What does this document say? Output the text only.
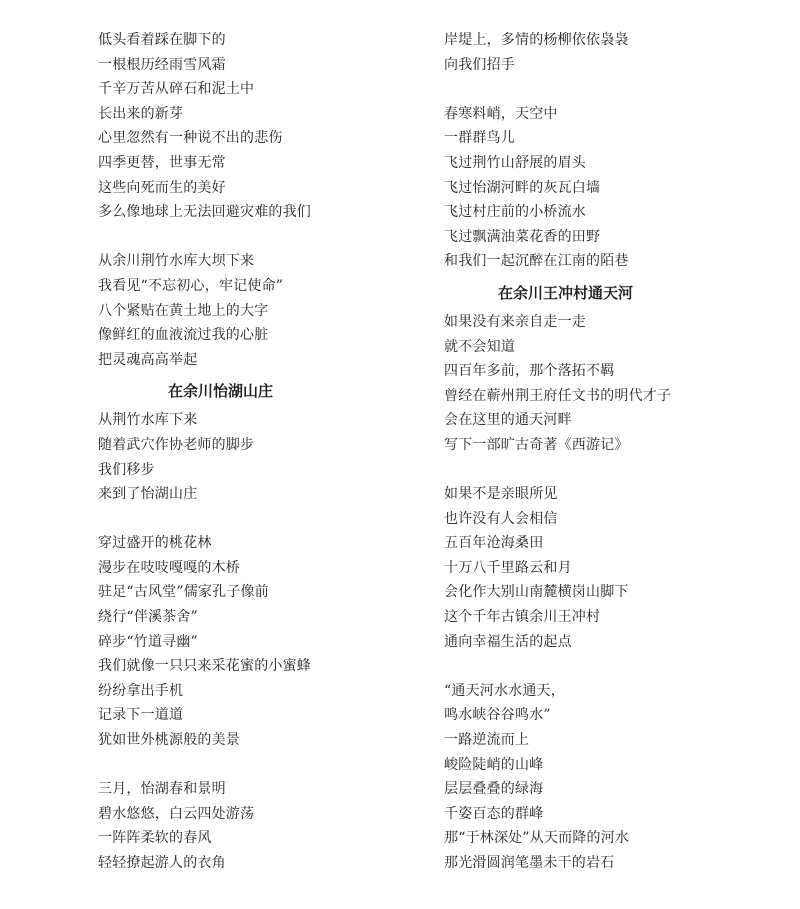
低头看着踩在脚下的
一根根历经雨雪风霜
千辛万苦从碎石和泥土中
长出来的新芽
心里忽然有一种说不出的悲伤
四季更替，世事无常
这些向死而生的美好
多么像地球上无法回避灾难的我们
从余川荆竹水库大坝下来
我看见“不忘初心，牢记使命”
八个紧贴在黄土地上的大字
像鲜红的血液流过我的心脏
把灵魂高高举起
在余川怡湖山庄
从荆竹水库下来
随着武穴作协老师的脚步
我们移步
来到了怡湖山庄
穿过盛开的桃花林
漫步在吱吱嘎嘎的木桥
驻足“古风堂”儒家孔子像前
绕行“伴溪茶舍”
碎步“竹道寻幽”
我们就像一只只来采花蜜的小蜜蜂
纷纷拿出手机
记录下一道道
犹如世外桃源般的美景
三月，怡湖春和景明
碧水悠悠，白云四处游荡
一阵阵柔软的春风
轻轻撩起游人的衣角
岸堤上，多情的杨柳依依袅袅
向我们招手
春寒料峭，天空中
一群群鸟儿
飞过荆竹山舒展的眉头
飞过怡湖河畔的灰瓦白墙
飞过村庄前的小桥流水
飞过飘满油菜花香的田野
和我们一起沉醉在江南的陌巷
在余川王冲村通天河
如果没有来亲自走一走
就不会知道
四百年多前，那个落拓不羁
曾经在蕲州荆王府任文书的明代才子
会在这里的通天河畔
写下一部旷古奇著《西游记》
如果不是亲眼所见
也许没有人会相信
五百年沧海桑田
十万八千里路云和月
会化作大别山南麓横岗山脚下
这个千年古镇余川王冲村
通向幸福生活的起点
“通天河水水通天，
鸣水峡谷谷鸣水”
一路逆流而上
峻险陡峭的山峰
层层叠叠的绿海
千姿百态的群峰
那“于林深处”从天而降的河水
那光滑圆润笔墨未干的岩石
